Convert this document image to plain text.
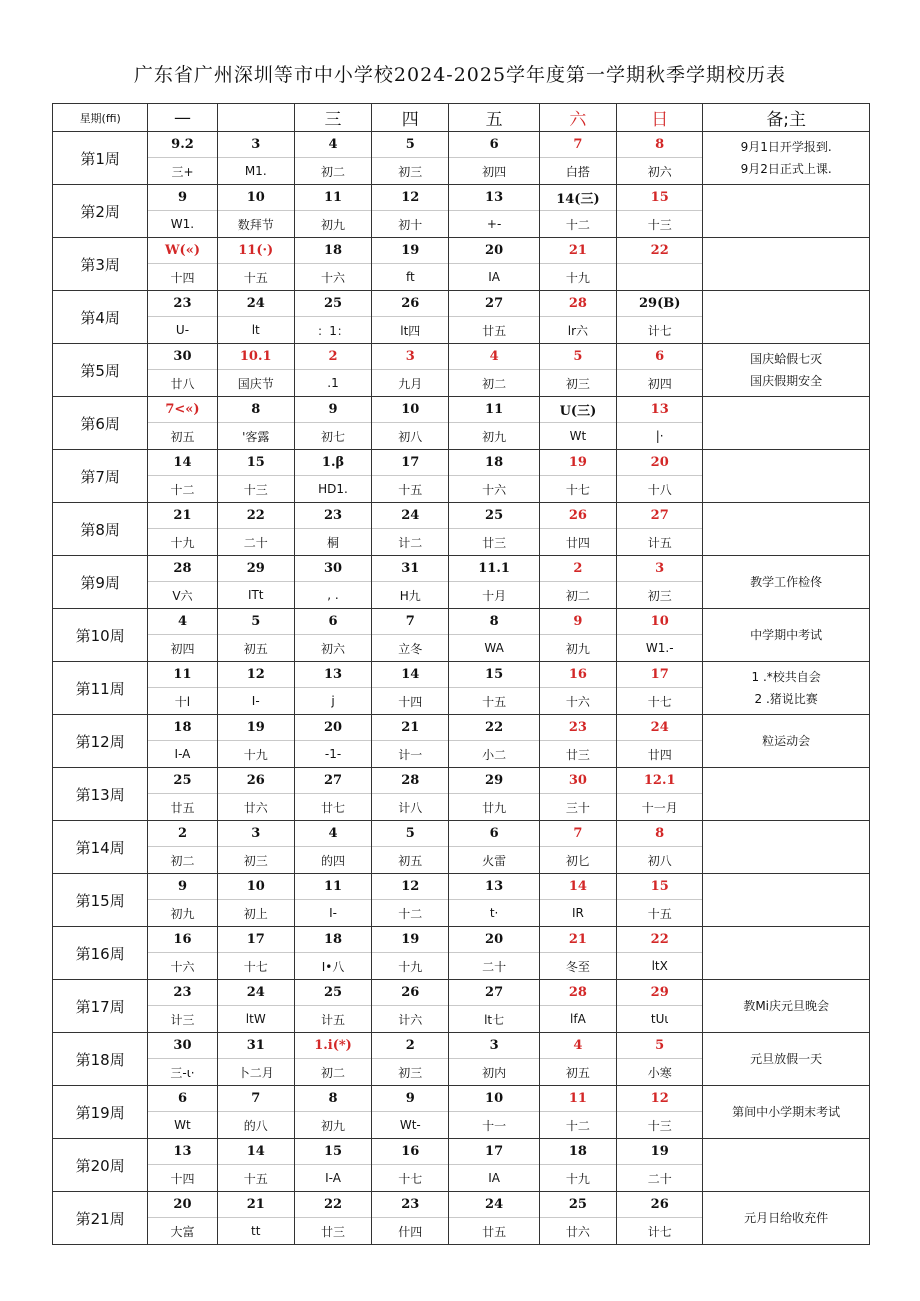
广东省广州深圳等市中小学校2024-2025学年度第一学期秋季学期校历表
星期(ffi)	—		三	四	五	六	日	备;主
第1周	9.2	3	4	5	6	7	8	9月1日开学报到.
9月2日正式上课.

	三+	M1.	初二	初三	初四	白搭	初六	
第2周	9	10	11	12	13	14(三)	15	
	W1.	数拜节	初九	初十	+-	十二	十三	
第3周	W(«)	11(·)	18	19	20	21	22	
	十四	十五	十六	ft	IA	十九		
第4周	23	24	25	26	27	28	29(B)	
	U-	lt	：1：	lt四	廿五	lr六	计七	
第5周	30	10.1	2	3	4	5	6	国庆蛤假七灭
国庆假期安全

	廿八	国庆节	.1	九月	初二	初三	初四	
第6周	7<«)	8	9	10	11	U(三)	13	
	初五	'客露	初七	初八	初九	Wt	|·	
第7周	14	15	1.β	17	18	19	20	
	十二	十三	HD1.	十五	十六	十七	十八	
第8周	21	22	23	24	25	26	27	
	十九	二十	桐	计二	廿三	廿四	计五	
第9周	28	29	30	31	11.1	2	3	教学工作检佟

	V六	ITt	, .	H九	十月	初二	初三	
第10周	4	5	6	7	8	9	10	中学期中考试

	初四	初五	初六	立冬	WA	初九	W1.-	
第11周	11	12	13	14	15	16	17	1 .*校共自会
2 .猪说比赛

	十l	I-	j	十四	十五	十六	十七	
第12周	18	19	20	21	22	23	24	粒运动会

	I-A	十九	-1-	计一	小二	廿三	廿四	
第13周	25	26	27	28	29	30	12.1	
	廿五	廿六	廿七	计八	廿九	三十	十一月	
第14周	2	3	4	5	6	7	8	
	初二	初三	的四	初五	火雷	初匕	初八	
第15周	9	10	11	12	13	14	15	
	初九	初上	I-	十二	t·	IR	十五	
第16周	16	17	18	19	20	21	22	
	十六	十七	I•八	十九	二十	冬至	ltX	
第17周	23	24	25	26	27	28	29	教Mi庆元旦晚会

	计三	ltW	计五	计六	lt七	lfA	tUι	
第18周	30	31	1.i(*)	2	3	4	5	元旦放假一天

	三-ι·	卜二月	初二	初三	初内	初五	小寒	
第19周	6	7	8	9	10	11	12	第间中小学期末考试

	Wt	的八	初九	Wt-	十一	十二	十三	
第20周	13	14	15	16	17	18	19	
	十四	十五	I-A	十七	IA	十九	二十	
第21周	20	21	22	23	24	25	26	元月日给收充件

	大富	tt	廿三	什四	廿五	廿六	计七	
